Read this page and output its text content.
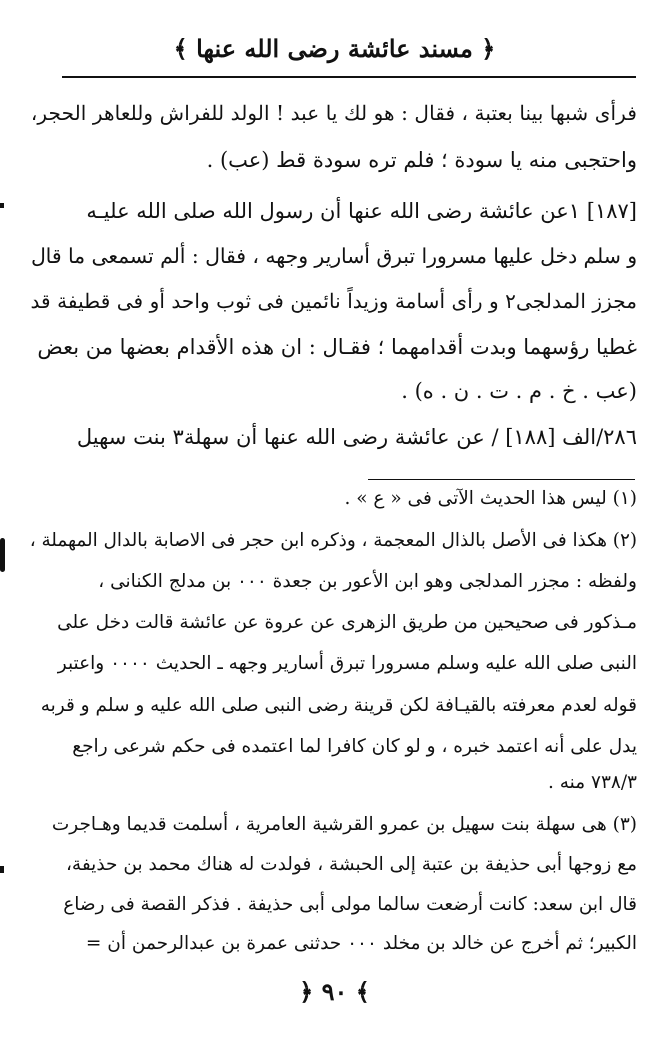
﴿ مسند عائشة رضى الله عنها ﴾
فرأى شبها بينا بعتبة ، فقال : هو لك يا عبد ! الولد للفراش وللعاهر الحجر،
واحتجبى منه يا سودة ؛ فلم تره سودة قط (عب) .
[١٨٧] ١عن عائشة رضى الله عنها أن رسول الله صلى الله عليـه
و سلم دخل عليها مسرورا تبرق أسارير وجهه ، فقال : ألم تسمعى ما قال
مجزز المدلجى٢ و رأى أسامة وزيداً نائمين فى ثوب واحد أو فى قطيفة قد
غطيا رؤسهما وبدت أقدامهما ؛ فقـال : ان هذه الأقدام بعضها من بعض
(عب . خ . م . ت . ن . ه) .
٢٨٦/الف [١٨٨] / عن عائشة رضى الله عنها أن سهلة٣ بنت سهيل
(١) ليس هذا الحديث الآتى فى « ع » .
(٢) هكذا فى الأصل بالذال المعجمة ، وذكره ابن حجر فى الاصابة بالدال المهملة ،
ولفظه : مجزر المدلجى وهو ابن الأعور بن جعدة ٠٠٠ بن مدلج الكنانى ،
مـذكور فى صحيحين من طريق الزهرى عن عروة عن عائشة قالت دخل على
النبى صلى الله عليه وسلم مسرورا تبرق أسارير وجهه ـ الحديث ٠٠٠٠ واعتبر
قوله لعدم معرفته بالقيـافة لكن قرينة رضى النبى صلى الله عليه و سلم و قربه
يدل على أنه اعتمد خبره ، و لو كان كافرا لما اعتمده فى حكم شرعى راجع
٧٣٨/٣ منه .
(٣) هى سهلة بنت سهيل بن عمرو القرشية العامرية ، أسلمت قديما وهـاجرت
مع زوجها أبى حذيفة بن عتبة إلى الحبشة ، فولدت له هناك محمد بن حذيفة،
قال ابن سعد: كانت أرضعت سالما مولى أبى حذيفة . فذكر القصة فى رضاع
الكبير؛ ثم أخرج عن خالد بن مخلد ٠٠٠ حدثنى عمرة بن عبدالرحمن أن =
﴿ ٩٠ ﴾
